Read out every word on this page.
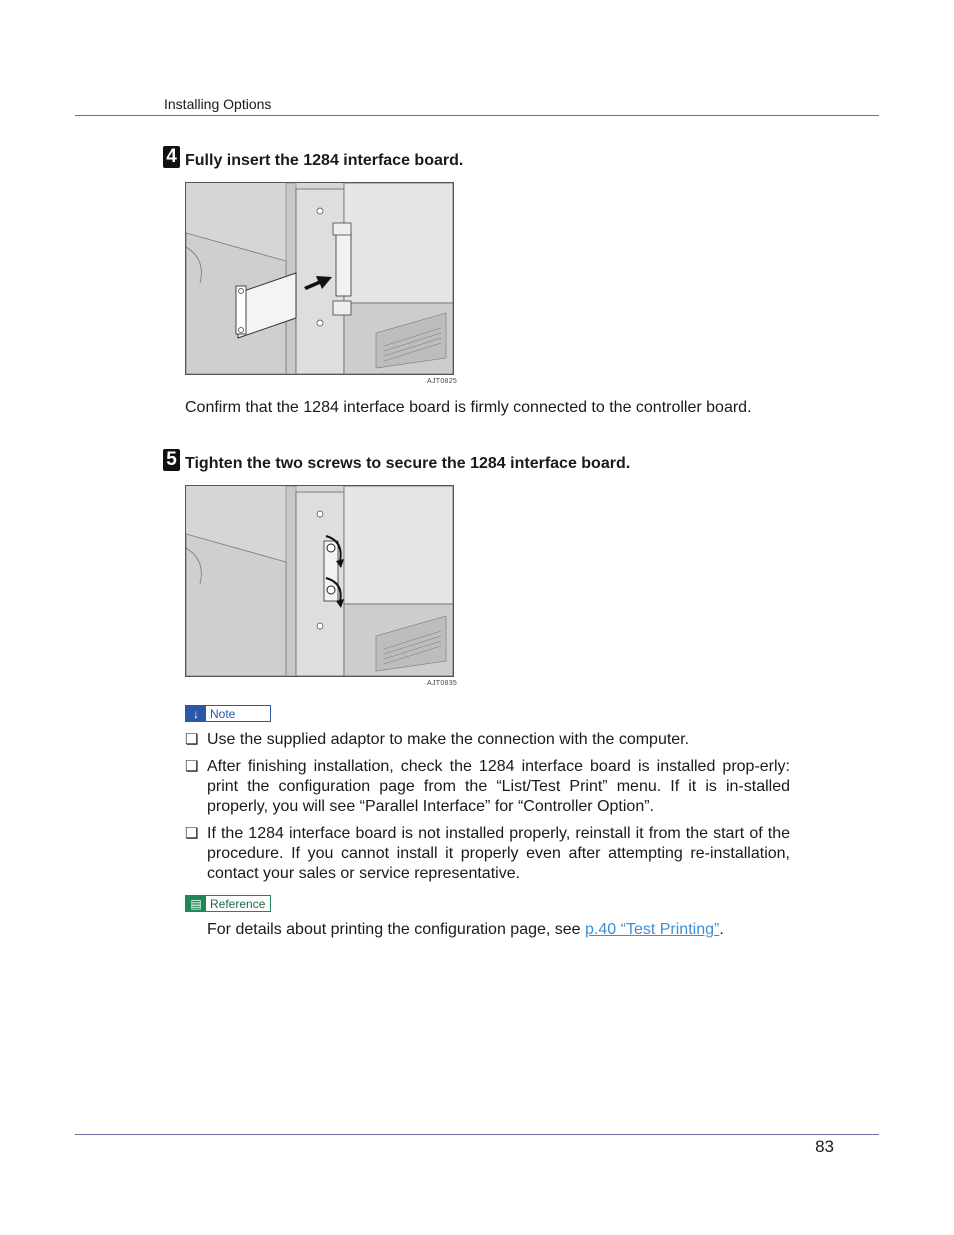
Installing Options
4 Fully insert the 1284 interface board.
AJT0825
Confirm that the 1284 interface board is firmly connected to the controller board.
5 Tighten the two screws to secure the 1284 interface board.
AJT0835
↓ Note
❏ Use the supplied adaptor to make the connection with the computer.
❏ After finishing installation, check the 1284 interface board is installed prop-erly: print the configuration page from the “List/Test Print” menu. If it is in-stalled properly, you will see “Parallel Interface” for “Controller Option”.
❏ If the 1284 interface board is not installed properly, reinstall it from the start of the procedure. If you cannot install it properly even after attempting re-installation, contact your sales or service representative.
▤ Reference
For details about printing the configuration page, see p.40 “Test Printing”.
83
